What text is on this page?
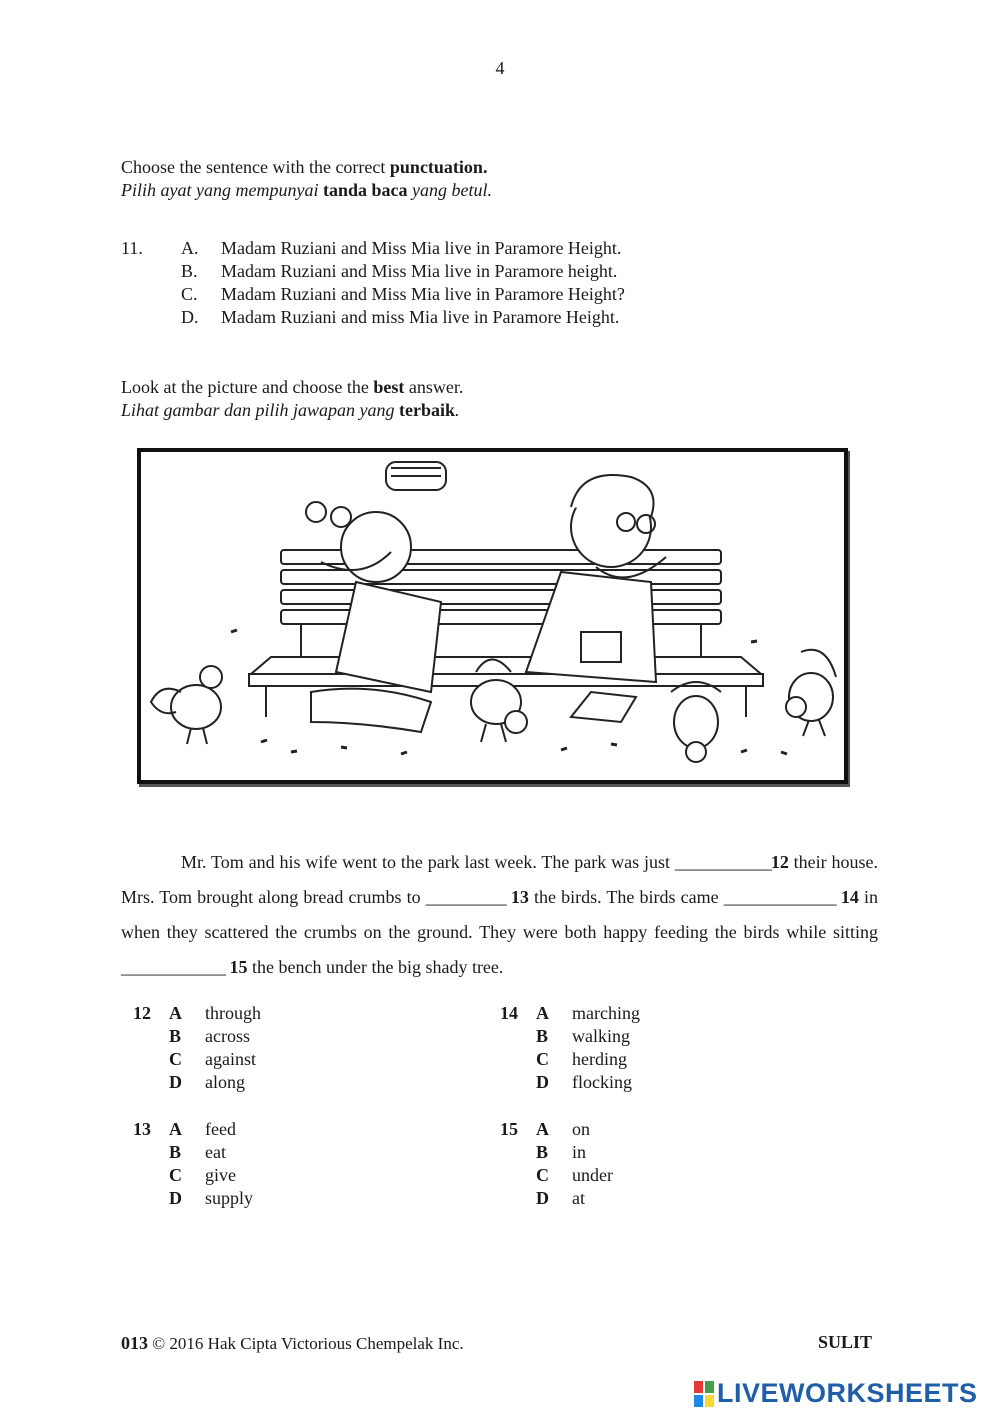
4
Choose the sentence with the correct punctuation.
Pilih ayat yang mempunyai tanda baca yang betul.
11. A. Madam Ruziani and Miss Mia live in Paramore Height.
B. Madam Ruziani and Miss Mia live in Paramore height.
C. Madam Ruziani and Miss Mia live in Paramore Height?
D. Madam Ruziani and miss Mia live in Paramore Height.
Look at the picture and choose the best answer.
Lihat gambar dan pilih jawapan yang terbaik.
Mr. Tom and his wife went to the park last week. The park was just ____________12 their house. Mrs. Tom brought along bread crumbs to __________ 13 the birds. The birds came ______________ 14 in when they scattered the crumbs on the ground. They were both happy feeding the birds while sitting _____________ 15 the bench under the big shady tree.
12 A through
B across
C against
D along
14 A marching
B walking
C herding
D flocking
13 A feed
B eat
C give
D supply
15 A on
B in
C under
D at
013 © 2016 Hak Cipta Victorious Chempelak Inc.	SULIT
LIVEWORKSHEETS
